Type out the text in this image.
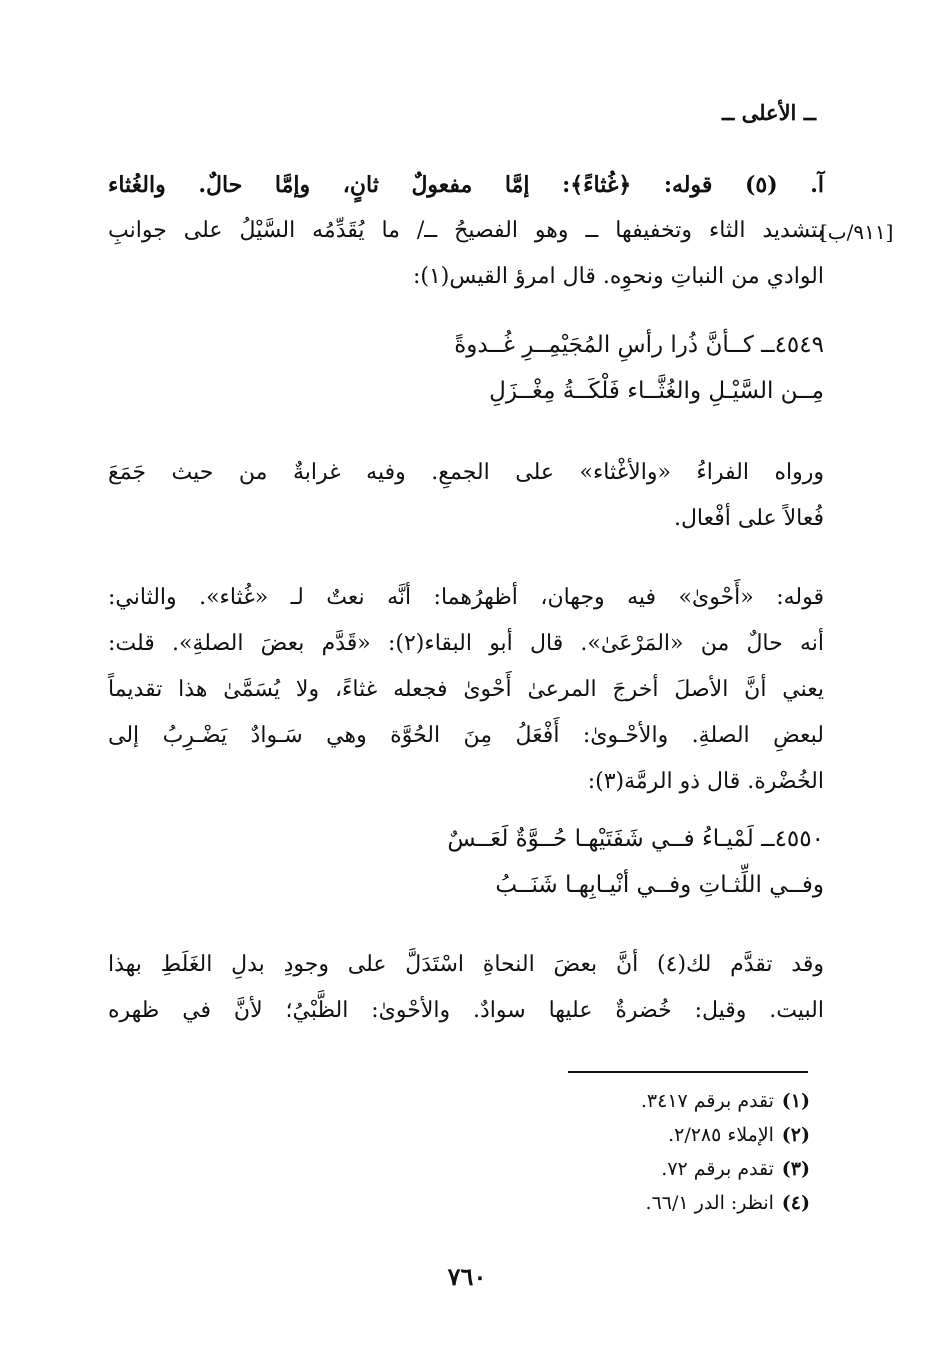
ــ الأعلى ــ
[٩١١/ب]
آ. (٥) قوله: ﴿غُثاءً﴾: إمَّا مفعولٌ ثانٍ، وإمَّا حالٌ. والغُثاء
بتشديد الثاء وتخفيفها ــ وهو الفصيحُ ــ/ ما يُقَدِّمُه السَّيْلُ على جوانبِ
الوادي من النباتِ ونحوِه. قال امرؤ القيس(١):
٤٥٤٩ــ كــأنَّ ذُرا رأسِ المُجَيْمِــرِ غُــدوةً
مِــن السَّيْـلِ والغُثَّــاء فَلْكَــةُ مِغْــزَلِ
ورواه الفراءُ «والأغْثاء» على الجمعِ. وفيه غرابةٌ من حيث جَمَعَ
فُعالاً على أفْعال.
قوله: «أَحْوىٰ» فيه وجهان، أظهرُهما: أنَّه نعتٌ لـ «غُثاء». والثاني:
أنه حالٌ من «المَرْعَىٰ». قال أبو البقاء(٢): «قَدَّم بعضَ الصلةِ». قلت:
يعني أنَّ الأصلَ أخرجَ المرعىٰ أَحْوىٰ فجعله غثاءً، ولا يُسَمَّىٰ هذا تقديماً
لبعضِ الصلةِ. والأحْـوىٰ: أَفْعَلُ مِنَ الحُوَّة وهي سَـوادٌ يَضْـرِبُ إلى
الخُضْرة. قال ذو الرمَّة(٣):
٤٥٥٠ــ لَمْيـاءُ فــي شَفَتَيْهـا حُــوَّةٌ لَعَــسٌ
وفــي اللِّثـاتِ وفــي أنْيـابِهـا شَنَــبُ
وقد تقدَّم لك(٤) أنَّ بعضَ النحاةِ اسْتَدَلَّ على وجودِ بدلِ الغَلَطِ بهذا
البيت. وقيل: خُضرةٌ عليها سوادٌ. والأحْوىٰ: الظَّبْيُ؛ لأنَّ في ظهره
(١) تقدم برقم ٣٤١٧.
(٢) الإملاء ٢/٢٨٥.
(٣) تقدم برقم ٧٢.
(٤) انظر: الدر ٦٦/١.
٧٦٠
